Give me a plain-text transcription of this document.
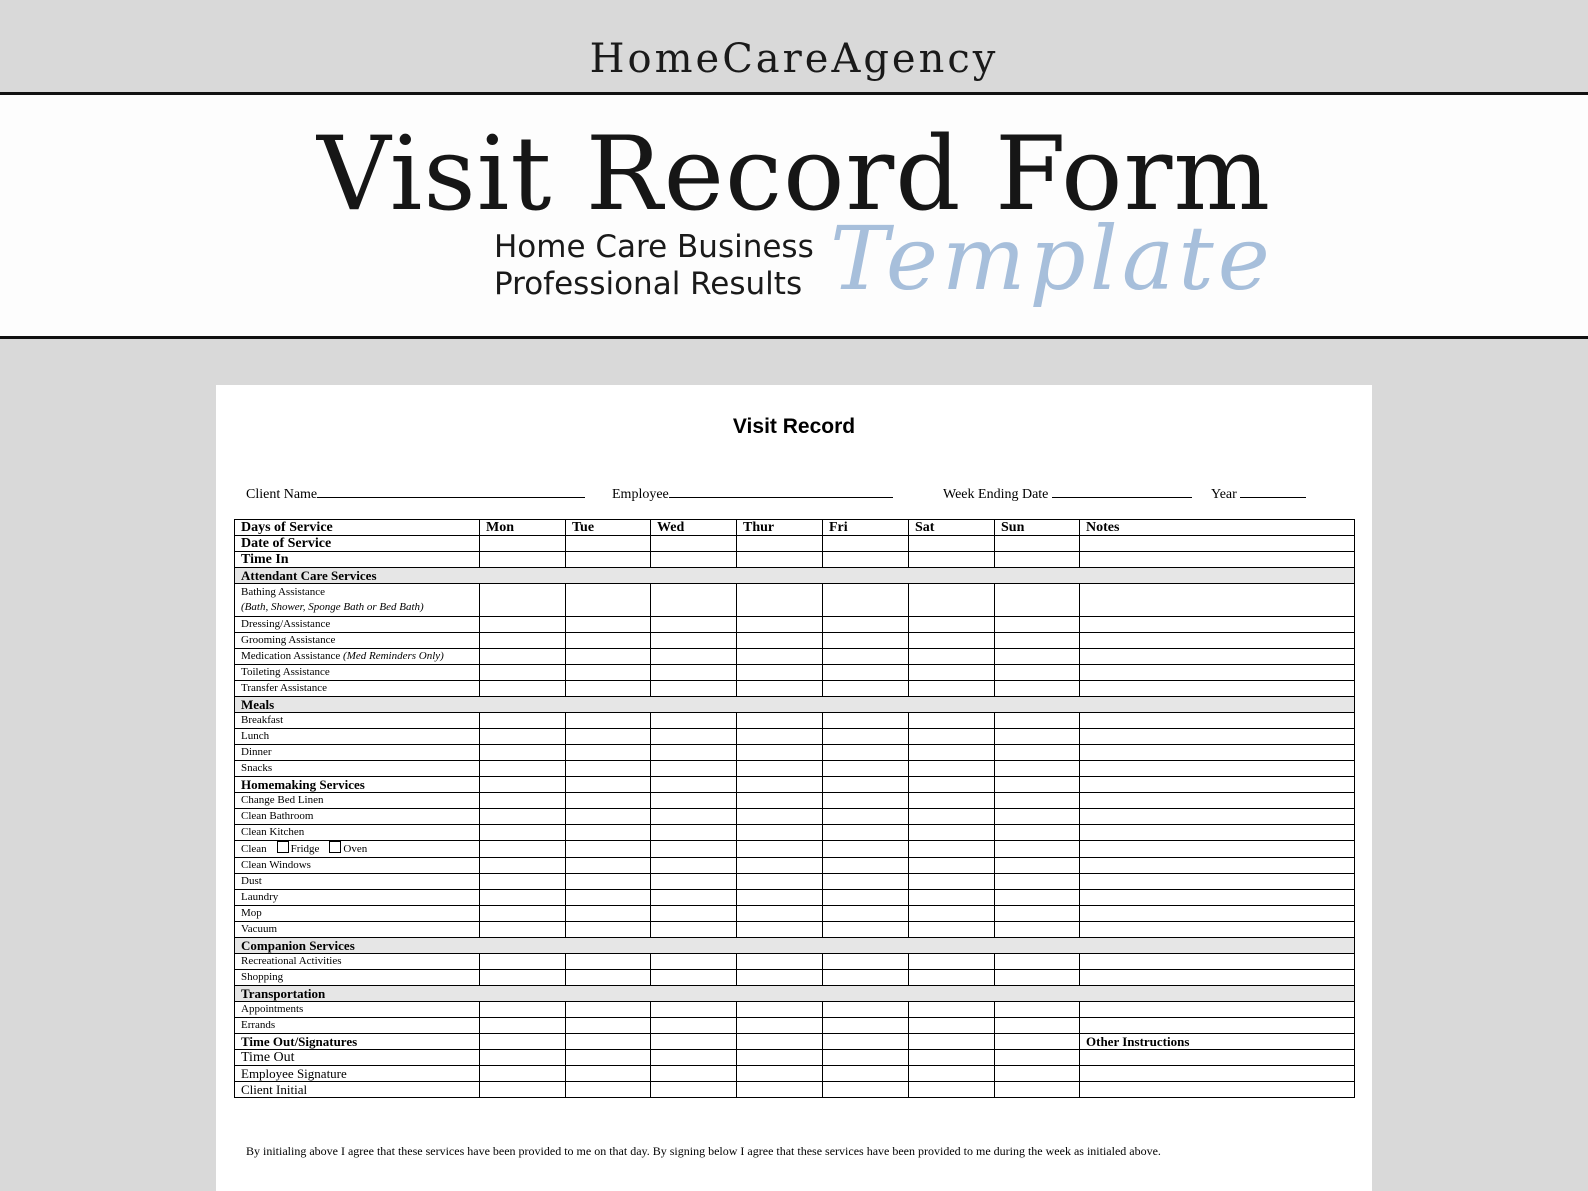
HomeCareAgency
Visit Record Form
Home Care Business
Professional Results Template
Visit Record
Client Name	Employee	Week Ending Date	Year
Days of Service	Mon	Tue	Wed	Thur	Fri	Sat	Sun	Notes
Date of Service								
Time In								
Attendant Care Services								
Bathing Assistance
(Bath, Shower, Sponge Bath or Bed Bath)								
Dressing/Assistance								
Grooming Assistance								
Medication Assistance (Med Reminders Only)								
Toileting Assistance								
Transfer Assistance								
Meals								
Breakfast								
Lunch								
Dinner								
Snacks								
Homemaking Services								
Change Bed Linen								
Clean Bathroom								
Clean Kitchen								
Clean Fridge Oven								
Clean Windows								
Dust								
Laundry								
Mop								
Vacuum								
Companion Services								
Recreational Activities								
Shopping								
Transportation								
Appointments								
Errands								
Time Out/Signatures								Other Instructions
Time Out								
Employee Signature								
Client Initial								
By initialing above I agree that these services have been provided to me on that day. By signing below I agree that these services have been provided to me during the week as initialed above.
